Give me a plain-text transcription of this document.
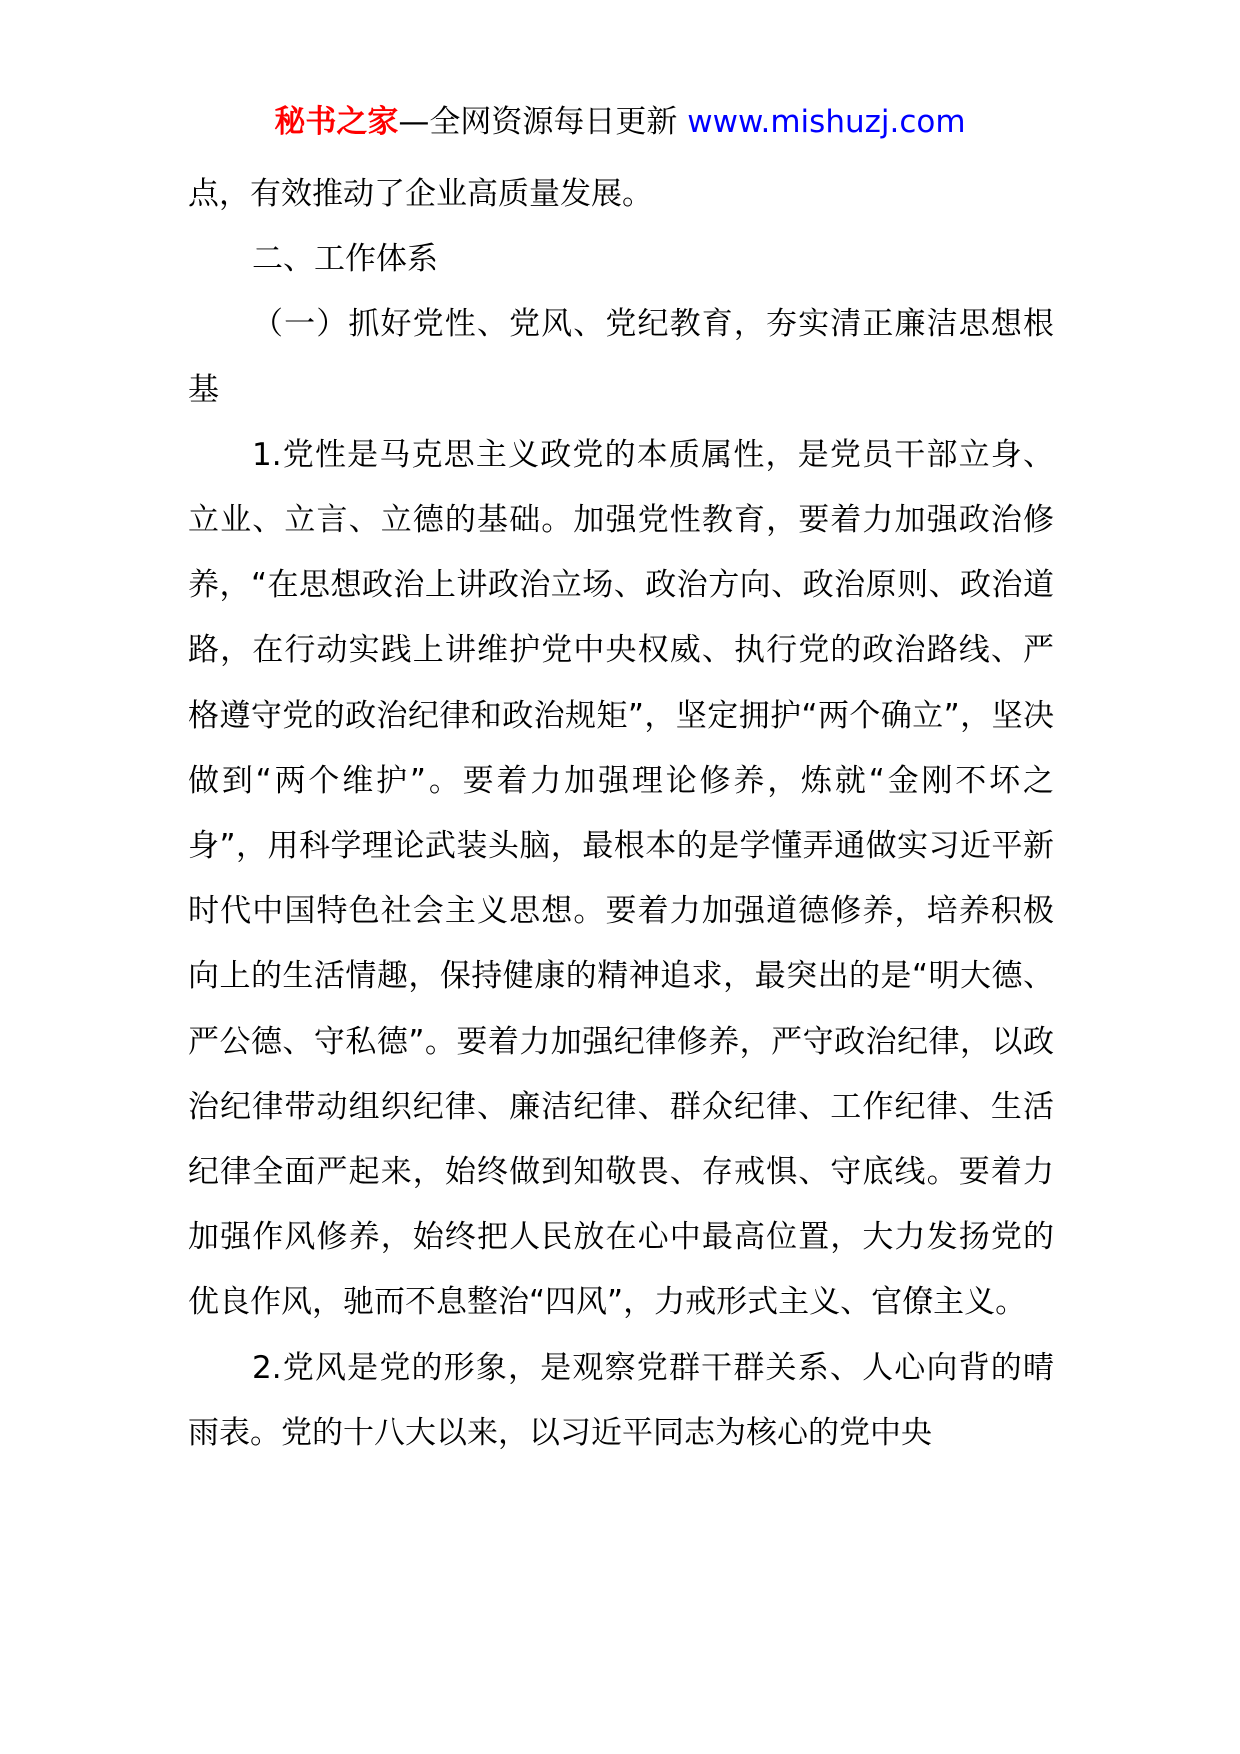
秘书之家—全网资源每日更新 www.mishuzj.com

点，有效推动了企业高质量发展。

二、工作体系

（一）抓好党性、党风、党纪教育，夯实清正廉洁思想根基

1.党性是马克思主义政党的本质属性，是党员干部立身、立业、立言、立德的基础。加强党性教育，要着力加强政治修养，“在思想政治上讲政治立场、政治方向、政治原则、政治道路，在行动实践上讲维护党中央权威、执行党的政治路线、严格遵守党的政治纪律和政治规矩”，坚定拥护“两个确立”，坚决做到“两个维护”。要着力加强理论修养，炼就“金刚不坏之身”，用科学理论武装头脑，最根本的是学懂弄通做实习近平新时代中国特色社会主义思想。要着力加强道德修养，培养积极向上的生活情趣，保持健康的精神追求，最突出的是“明大德、严公德、守私德”。要着力加强纪律修养，严守政治纪律，以政治纪律带动组织纪律、廉洁纪律、群众纪律、工作纪律、生活纪律全面严起来，始终做到知敬畏、存戒惧、守底线。要着力加强作风修养，始终把人民放在心中最高位置，大力发扬党的优良作风，驰而不息整治“四风”，力戒形式主义、官僚主义。

2.党风是党的形象，是观察党群干群关系、人心向背的晴雨表。党的十八大以来，以习近平同志为核心的党中央
